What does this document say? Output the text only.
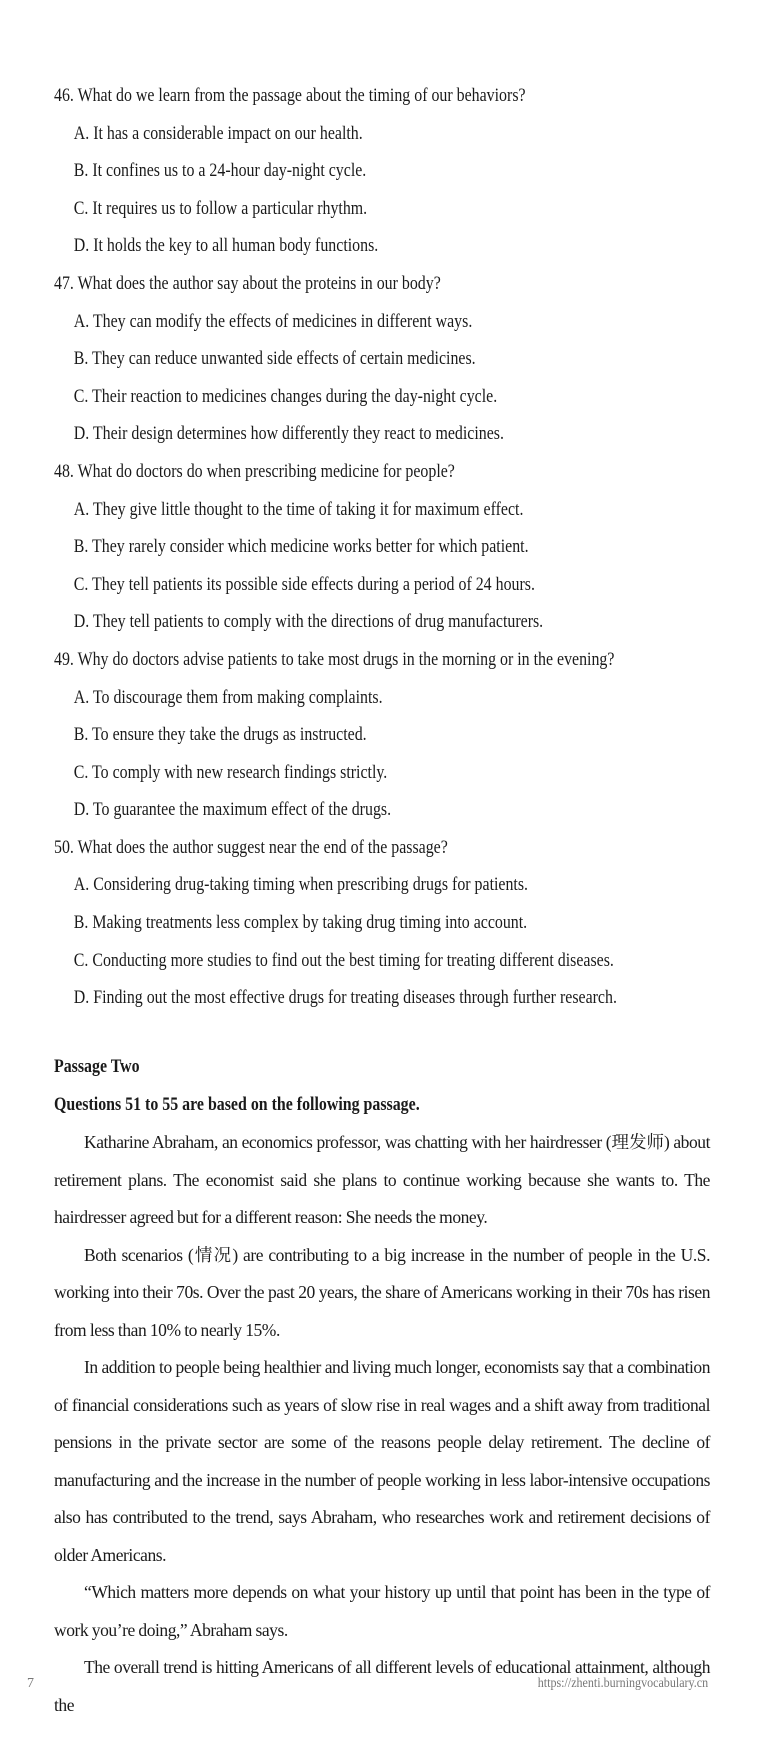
46. What do we learn from the passage about the timing of our behaviors?
A. It has a considerable impact on our health.
B. It confines us to a 24-hour day-night cycle.
C. It requires us to follow a particular rhythm.
D. It holds the key to all human body functions.
47. What does the author say about the proteins in our body?
A. They can modify the effects of medicines in different ways.
B. They can reduce unwanted side effects of certain medicines.
C. Their reaction to medicines changes during the day-night cycle.
D. Their design determines how differently they react to medicines.
48. What do doctors do when prescribing medicine for people?
A. They give little thought to the time of taking it for maximum effect.
B. They rarely consider which medicine works better for which patient.
C. They tell patients its possible side effects during a period of 24 hours.
D. They tell patients to comply with the directions of drug manufacturers.
49. Why do doctors advise patients to take most drugs in the morning or in the evening?
A. To discourage them from making complaints.
B. To ensure they take the drugs as instructed.
C. To comply with new research findings strictly.
D. To guarantee the maximum effect of the drugs.
50. What does the author suggest near the end of the passage?
A. Considering drug-taking timing when prescribing drugs for patients.
B. Making treatments less complex by taking drug timing into account.
C. Conducting more studies to find out the best timing for treating different diseases.
D. Finding out the most effective drugs for treating diseases through further research.
Passage Two
Questions 51 to 55 are based on the following passage.

Katharine Abraham, an economics professor, was chatting with her hairdresser (理发师) about retirement plans. The economist said she plans to continue working because she wants to. The hairdresser agreed but for a different reason: She needs the money.

Both scenarios (情况) are contributing to a big increase in the number of people in the U.S. working into their 70s. Over the past 20 years, the share of Americans working in their 70s has risen from less than 10% to nearly 15%.

In addition to people being healthier and living much longer, economists say that a combination of financial considerations such as years of slow rise in real wages and a shift away from traditional pensions in the private sector are some of the reasons people delay retirement. The decline of manufacturing and the increase in the number of people working in less labor-intensive occupations also has contributed to the trend, says Abraham, who researches work and retirement decisions of older Americans.

“Which matters more depends on what your history up until that point has been in the type of work you’re doing,” Abraham says.

The overall trend is hitting Americans of all different levels of educational attainment, although the

7	https://zhenti.burningvocabulary.cn
